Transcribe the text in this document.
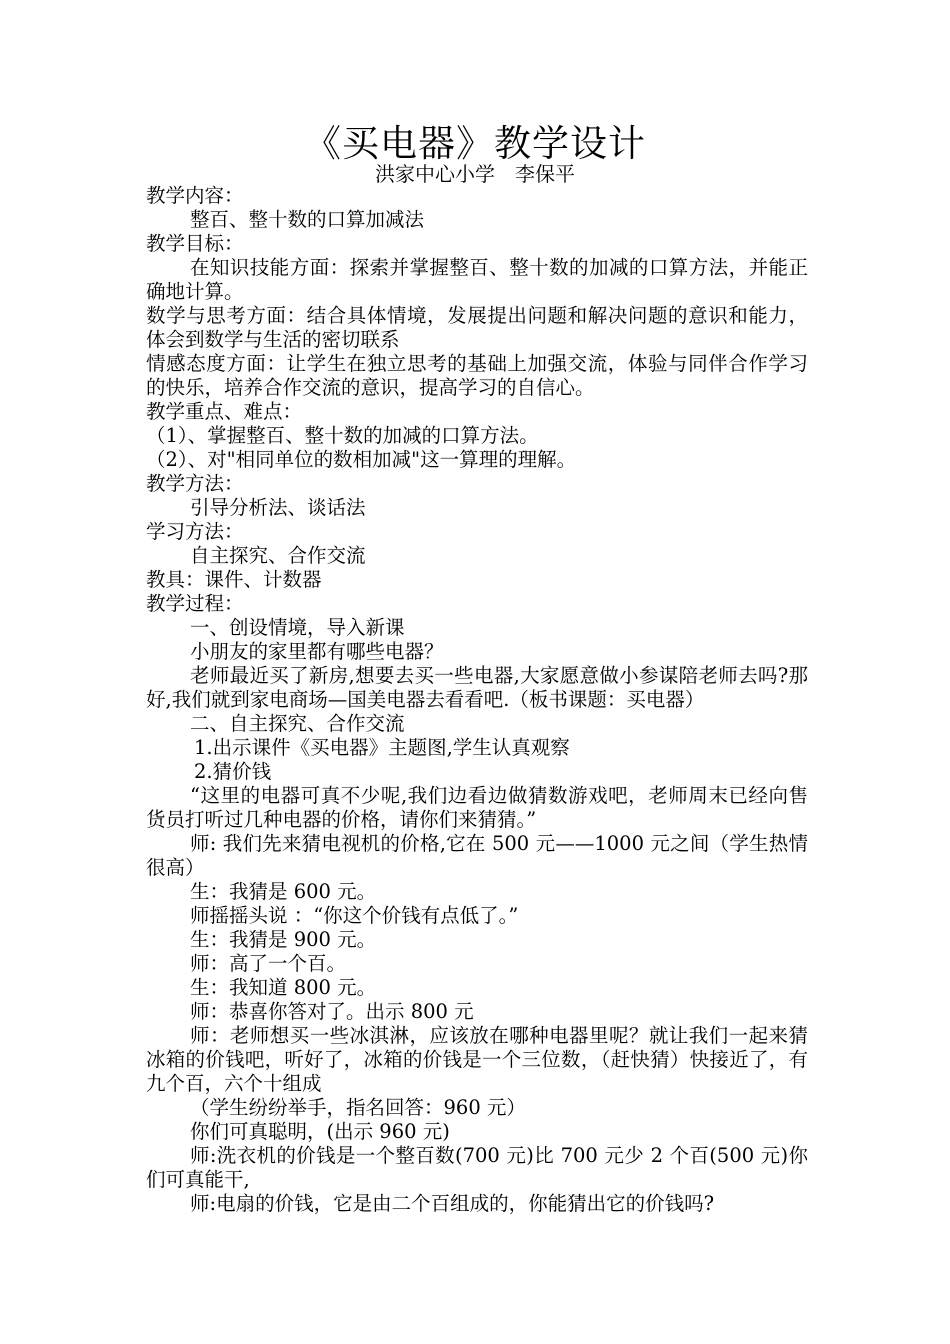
《买电器》教学设计
洪家中心小学　李保平

教学内容：

整百、整十数的口算加减法

教学目标：

在知识技能方面：探索并掌握整百、整十数的加减的口算方法，并能正确地计算。

数学与思考方面：结合具体情境，发展提出问题和解决问题的意识和能力，体会到数学与生活的密切联系

情感态度方面：让学生在独立思考的基础上加强交流，体验与同伴合作学习的快乐，培养合作交流的意识，提高学习的自信心。

教学重点、难点：

（1）、掌握整百、整十数的加减的口算方法。

（2）、对"相同单位的数相加减"这一算理的理解。

教学方法：

引导分析法、谈话法

学习方法：

自主探究、合作交流

教具：课件、计数器

教学过程：

一、创设情境，导入新课

小朋友的家里都有哪些电器？

老师最近买了新房,想要去买一些电器,大家愿意做小参谋陪老师去吗?那好,我们就到家电商场—国美电器去看看吧.（板书课题：买电器）

二、自主探究、合作交流

1.出示课件《买电器》主题图,学生认真观察

2.猜价钱

“这里的电器可真不少呢,我们边看边做猜数游戏吧，老师周末已经向售货员打听过几种电器的价格，请你们来猜猜。”

师: 我们先来猜电视机的价格,它在 500 元——1000 元之间（学生热情很高）

生：我猜是 600 元。

师摇摇头说 ：“你这个价钱有点低了。”

生：我猜是 900 元。

师：高了一个百。

生：我知道 800 元。

师：恭喜你答对了。出示 800 元

师：老师想买一些冰淇淋，应该放在哪种电器里呢？就让我们一起来猜冰箱的价钱吧，听好了，冰箱的价钱是一个三位数，（赶快猜）快接近了，有九个百，六个十组成

（学生纷纷举手，指名回答：960 元）

你们可真聪明，(出示 960 元)

师:洗衣机的价钱是一个整百数(700 元)比 700 元少 2 个百(500 元)你们可真能干,

师:电扇的价钱，它是由二个百组成的，你能猜出它的价钱吗?
